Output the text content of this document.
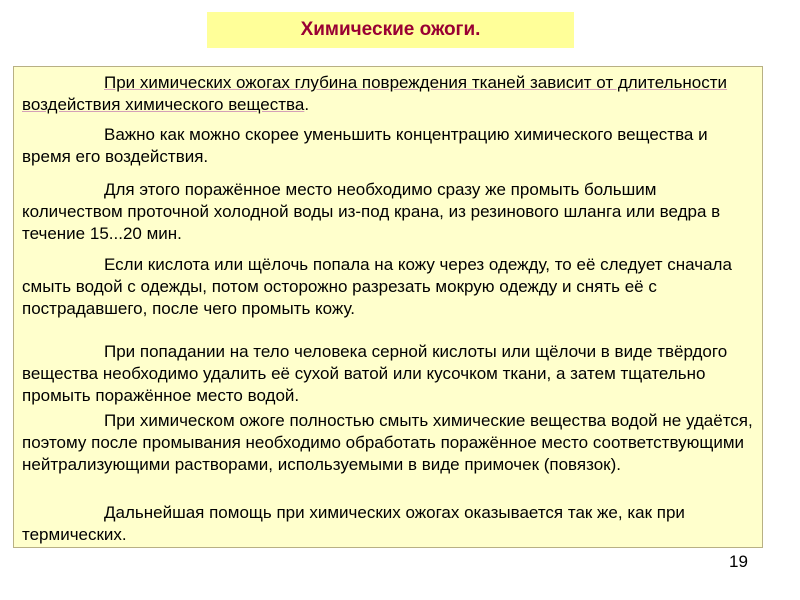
Химические ожоги.

При химических ожогах глубина повреждения тканей зависит от длительности воздействия химического вещества.

Важно как можно скорее уменьшить концентрацию химического вещества и время его воздействия.

Для этого поражённое место необходимо сразу же промыть большим количеством проточной холодной воды из-под крана, из резинового шланга или ведра в течение 15...20 мин.

Если кислота или щёлочь попала на кожу через одежду, то её следует сначала смыть водой с одежды, потом осторожно разрезать мокрую одежду и снять её с пострадавшего, после чего промыть кожу.

При попадании на тело человека серной кислоты или щёлочи в виде твёрдого вещества необходимо удалить её сухой ватой или кусочком ткани, а затем тщательно промыть поражённое место водой.

При химическом ожоге полностью смыть химические вещества водой не удаётся, поэтому после промывания необходимо обработать поражённое место соответствующими нейтрализующими растворами, используемыми в виде примочек (повязок).

Дальнейшая помощь при химических ожогах оказывается так же, как при термических.

19
